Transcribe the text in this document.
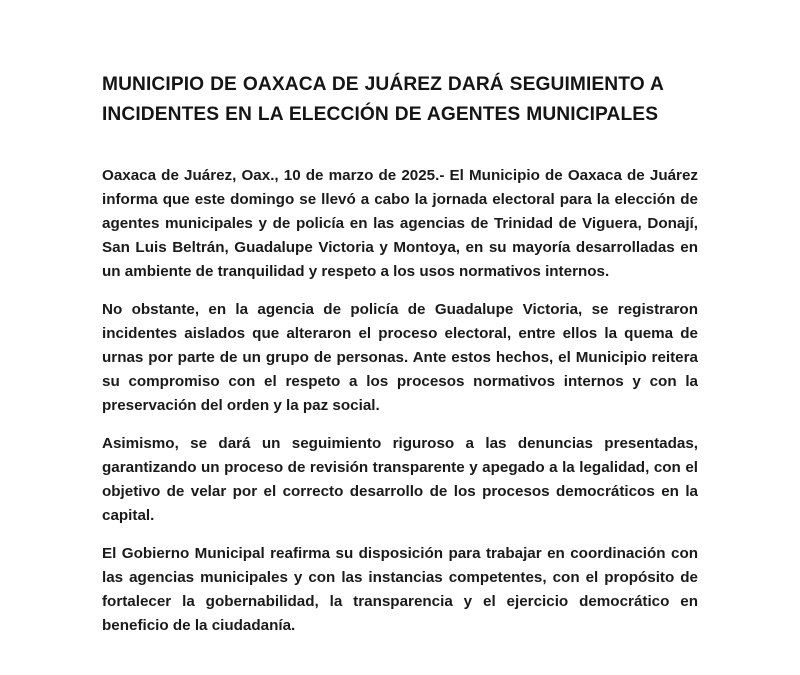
MUNICIPIO DE OAXACA DE JUÁREZ DARÁ SEGUIMIENTO A INCIDENTES EN LA ELECCIÓN DE AGENTES MUNICIPALES

Oaxaca de Juárez, Oax., 10 de marzo de 2025.- El Municipio de Oaxaca de Juárez informa que este domingo se llevó a cabo la jornada electoral para la elección de agentes municipales y de policía en las agencias de Trinidad de Viguera, Donají, San Luis Beltrán, Guadalupe Victoria y Montoya, en su mayoría desarrolladas en un ambiente de tranquilidad y respeto a los usos normativos internos.

No obstante, en la agencia de policía de Guadalupe Victoria, se registraron incidentes aislados que alteraron el proceso electoral, entre ellos la quema de urnas por parte de un grupo de personas. Ante estos hechos, el Municipio reitera su compromiso con el respeto a los procesos normativos internos y con la preservación del orden y la paz social.

Asimismo, se dará un seguimiento riguroso a las denuncias presentadas, garantizando un proceso de revisión transparente y apegado a la legalidad, con el objetivo de velar por el correcto desarrollo de los procesos democráticos en la capital.

El Gobierno Municipal reafirma su disposición para trabajar en coordinación con las agencias municipales y con las instancias competentes, con el propósito de fortalecer la gobernabilidad, la transparencia y el ejercicio democrático en beneficio de la ciudadanía.
